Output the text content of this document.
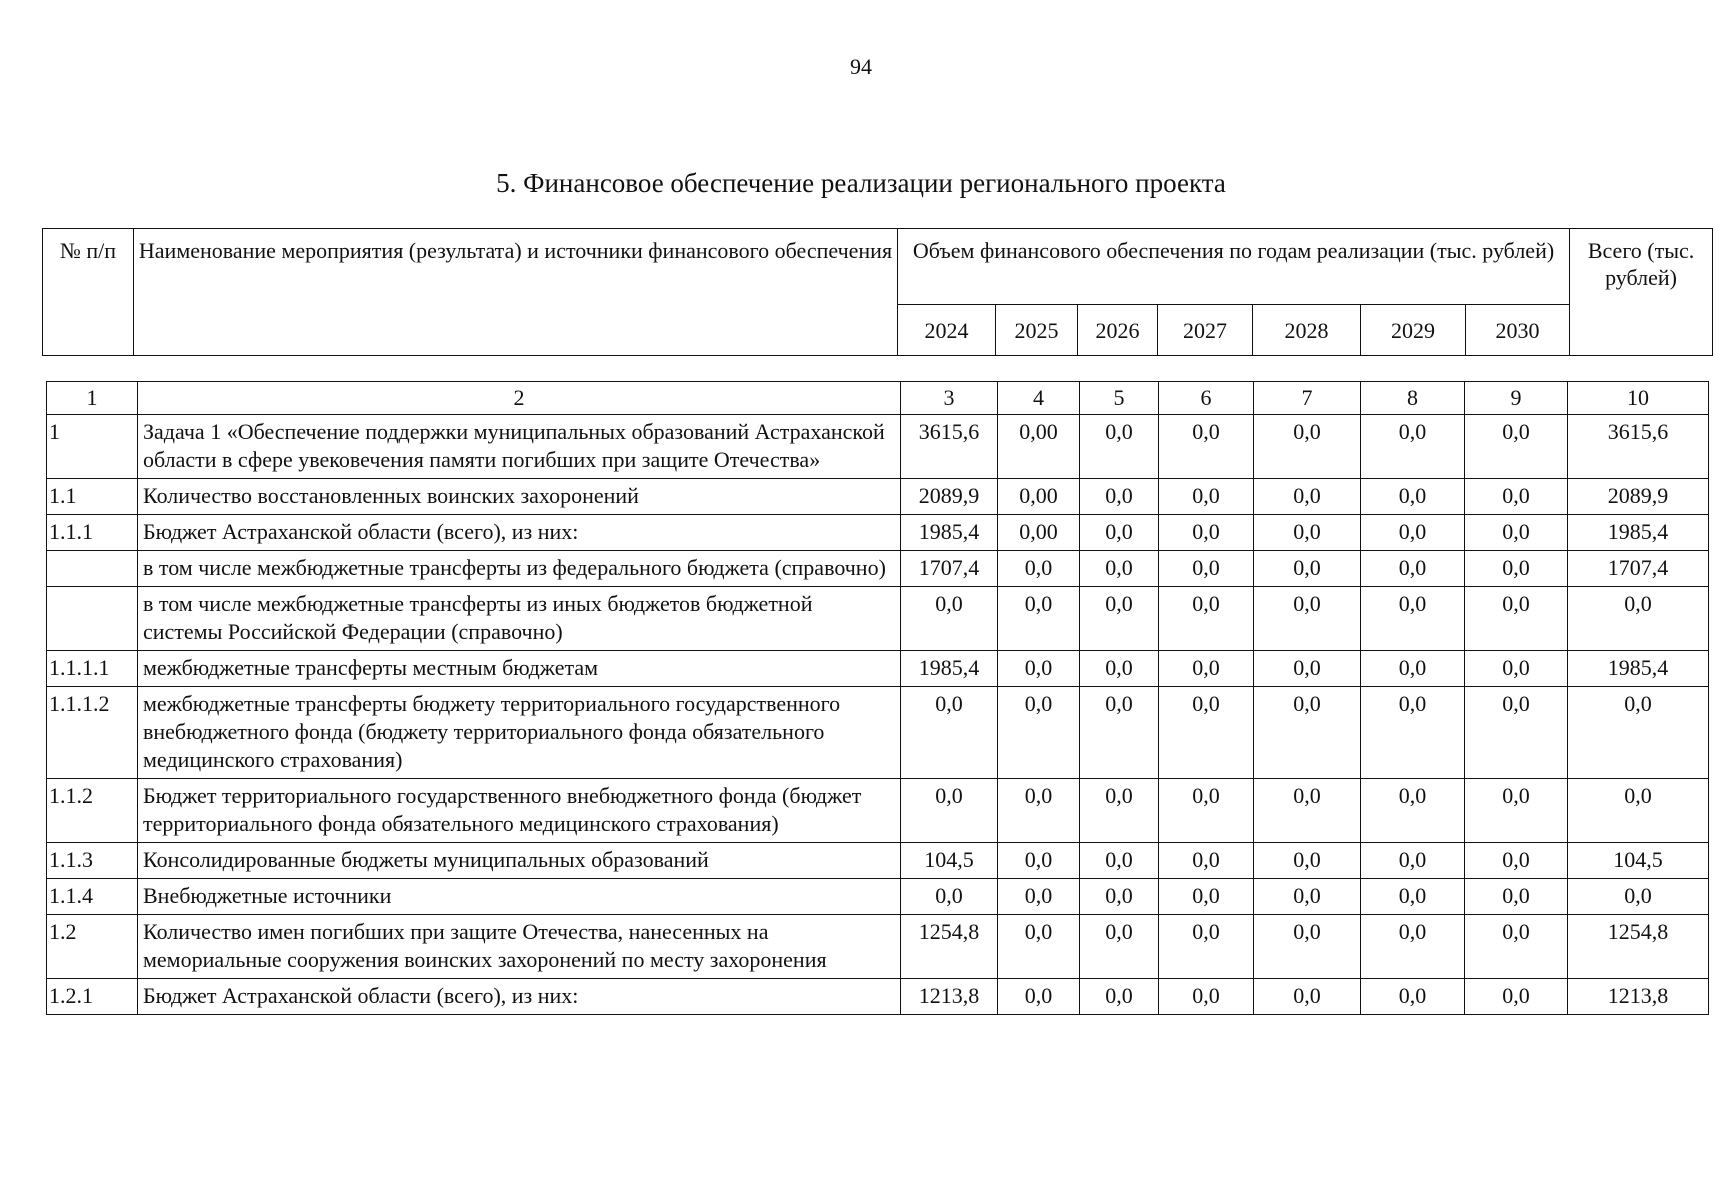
94
5. Финансовое обеспечение реализации регионального проекта
№ п/п	Наименование мероприятия (результата) и источники финансового обеспечения	Объем финансового обеспечения по годам реализации (тыс. рублей)							Всего (тыс. рублей)
		2024	2025	2026	2027	2028	2029	2030	
1	2	3	4	5	6	7	8	9	10
1	Задача 1 «Обеспечение поддержки муниципальных образований Астраханской области в сфере увековечения памяти погибших при защите Отечества»	3615,6	0,00	0,0	0,0	0,0	0,0	0,0	3615,6
1.1	Количество восстановленных воинских захоронений	2089,9	0,00	0,0	0,0	0,0	0,0	0,0	2089,9
1.1.1	Бюджет Астраханской области (всего), из них:	1985,4	0,00	0,0	0,0	0,0	0,0	0,0	1985,4
	в том числе межбюджетные трансферты из федерального бюджета (справочно)	1707,4	0,0	0,0	0,0	0,0	0,0	0,0	1707,4
	в том числе межбюджетные трансферты из иных бюджетов бюджетной системы Российской Федерации (справочно)	0,0	0,0	0,0	0,0	0,0	0,0	0,0	0,0
1.1.1.1	межбюджетные трансферты местным бюджетам	1985,4	0,0	0,0	0,0	0,0	0,0	0,0	1985,4
1.1.1.2	межбюджетные трансферты бюджету территориального государственного внебюджетного фонда (бюджету территориального фонда обязательного медицинского страхования)	0,0	0,0	0,0	0,0	0,0	0,0	0,0	0,0
1.1.2	Бюджет территориального государственного внебюджетного фонда (бюджет территориального фонда обязательного медицинского страхования)	0,0	0,0	0,0	0,0	0,0	0,0	0,0	0,0
1.1.3	Консолидированные бюджеты муниципальных образований	104,5	0,0	0,0	0,0	0,0	0,0	0,0	104,5
1.1.4	Внебюджетные источники	0,0	0,0	0,0	0,0	0,0	0,0	0,0	0,0
1.2	Количество имен погибших при защите Отечества, нанесенных на мемориальные сооружения воинских захоронений по месту захоронения	1254,8	0,0	0,0	0,0	0,0	0,0	0,0	1254,8
1.2.1	Бюджет Астраханской области (всего), из них:	1213,8	0,0	0,0	0,0	0,0	0,0	0,0	1213,8
